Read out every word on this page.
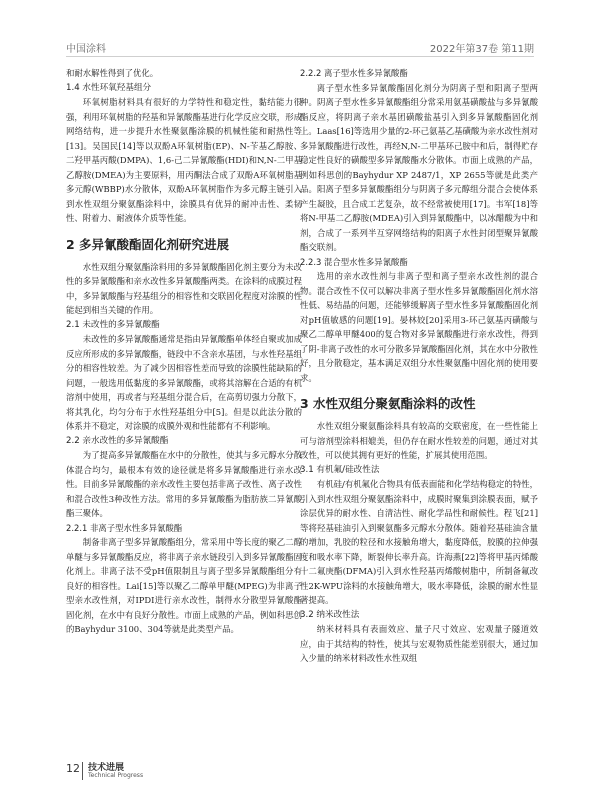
中国涂料	2022年第37卷 第11期

和耐水解性得到了优化。

1.4 水性环氧羟基组分

环氧树脂材料具有很好的力学特性和稳定性，黏结能力很强，利用环氧树脂的羟基和异氰酸酯基进行化学反应交联，形成网络结构，进一步提升水性聚氨酯涂膜的机械性能和耐热性等[13]。吴国民[14]等以双酚A环氧树脂(EP)、N-苄基乙醇胺、二羟甲基丙酸(DMPA)、1,6-己二异氰酸酯(HDI)和N,N-二甲基乙醇胺(DMEA)为主要原料，用丙酮法合成了双酚A环氧树脂基多元醇(WBBP)水分散体，双酚A环氧树脂作为多元醇主链引入到水性双组分聚氨酯涂料中，涂膜具有优异的耐冲击性、柔韧性、附着力、耐液体介质等性能。

2 多异氰酸酯固化剂研究进展

水性双组分聚氨酯涂料用的多异氰酸酯固化剂主要分为未改性的多异氰酸酯和亲水改性多异氰酸酯两类。在涂料的成膜过程中，多异氰酸酯与羟基组分的相容性和交联固化程度对涂膜的性能起到相当关键的作用。

2.1 未改性的多异氰酸酯

未改性的多异氰酸酯通常是指由异氰酸酯单体经自聚或加成反应所形成的多异氰酸酯，链段中不含亲水基团，与水性羟基组分的相容性较差。为了减少因相容性差而导致的涂膜性能缺陷的问题，一般选用低黏度的多异氰酸酯，或将其溶解在合适的有机溶剂中使用，再或者与羟基组分混合后，在高剪切强力分散下，将其乳化，均匀分布于水性羟基组分中[5]。但是以此法分散的体系并不稳定，对涂膜的成膜外观和性能都有不利影响。

2.2 亲水改性的多异氰酸酯

为了提高多异氰酸酯在水中的分散性，使其与多元醇水分散体混合均匀，最根本有效的途径就是将多异氰酸酯进行亲水改性。目前多异氰酸酯的亲水改性主要包括非离子改性、离子改性和混合改性3种改性方法。常用的多异氰酸酯为脂肪族二异氰酸酯三聚体。

2.2.1 非离子型水性多异氰酸酯

制备非离子型多异氰酸酯组分，常采用中等长度的聚乙二醇单醚与多异氰酸酯反应，将非离子亲水链段引入到多异氰酸酯固化剂上。非离子法不受pH值限制且与离子型多异氰酸酯组分有良好的相容性。Lai[15]等以聚乙二醇单甲醚(MPEG)为非离子型亲水改性剂，对IPDI进行亲水改性，制得水分散型异氰酸酯固化剂，在水中有良好分散性。市面上成熟的产品，例如科思创的Bayhydur 3100、304等就是此类型产品。

2.2.2 离子型水性多异氰酸酯

离子型水性多异氰酸酯固化剂分为阴离子型和阳离子型两种。阴离子型水性多异氰酸酯组分常采用氨基磺酸盐与多异氰酸酯反应，将阴离子亲水基团磺酸盐基引入到多异氰酸酯固化剂上。Laas[16]等选用少量的2-环己氨基乙基磺酸为亲水改性剂对多异氰酸酯进行改性，再经N,N-二甲基环己胺中和后，制得贮存稳定性良好的磺酸型多异氰酸酯水分散体。市面上成熟的产品，例如科思创的Bayhydur XP 2487/1，XP 2655等就是此类产品。阳离子型多异氰酸酯组分与阴离子多元醇组分混合会使体系产生凝胶，且合成工艺复杂，故不经常被使用[17]。韦军[18]等将N-甲基二乙醇胺(MDEA)引入到异氰酸酯中，以冰醋酸为中和剂，合成了一系列半互穿网络结构的阳离子水性封闭型聚异氰酸酯交联剂。

2.2.3 混合型水性多异氰酸酯

选用的亲水改性剂与非离子型和离子型亲水改性剂的混合物。混合改性不仅可以解决非离子型水性多异氰酸酯固化剂水溶性低、易结晶的问题，还能够缓解离子型水性多异氰酸酯固化剂对pH值敏感的问题[19]。晏林姣[20]采用3-环己氨基丙磺酸与聚乙二醇单甲醚400的复合物对多异氰酸酯进行亲水改性，得到了阴-非离子改性的水可分散多异氰酸酯固化剂，其在水中分散性好，且分散稳定，基本满足双组分水性聚氨酯中固化剂的使用要求。

3 水性双组分聚氨酯涂料的改性

水性双组分聚氨酯涂料具有较高的交联密度，在一些性能上可与溶剂型涂料相媲美，但仍存在耐水性较差的问题，通过对其改性，可以使其拥有更好的性能，扩展其使用范围。

3.1 有机氟/硅改性法

有机硅/有机氟化合物具有低表面能和化学结构稳定的特性，引入到水性双组分聚氨酯涂料中，成膜时聚集到涂膜表面，赋予涂层优异的耐水性、自清洁性、耐化学品性和耐候性。程飞[21]等将羟基硅油引入到聚氨酯多元醇水分散体。随着羟基硅油含量的增加，乳胶的粒径和水接触角增大，黏度降低，胶膜的拉伸强度和吸水率下降，断裂伸长率升高。许海燕[22]等将甲基丙烯酸十二氟庚酯(DFMA)引入到水性羟基丙烯酸树脂中，所制备氟改性2K-WPU涂料的水接触角增大，吸水率降低，涂膜的耐水性显著提高。

3.2 纳米改性法

纳米材料具有表面效应、量子尺寸效应、宏观量子隧道效应，由于其结构的特性，使其与宏观物质性能差别很大，通过加入少量的纳米材料改性水性双组

12 技术进展
Technical Progress
